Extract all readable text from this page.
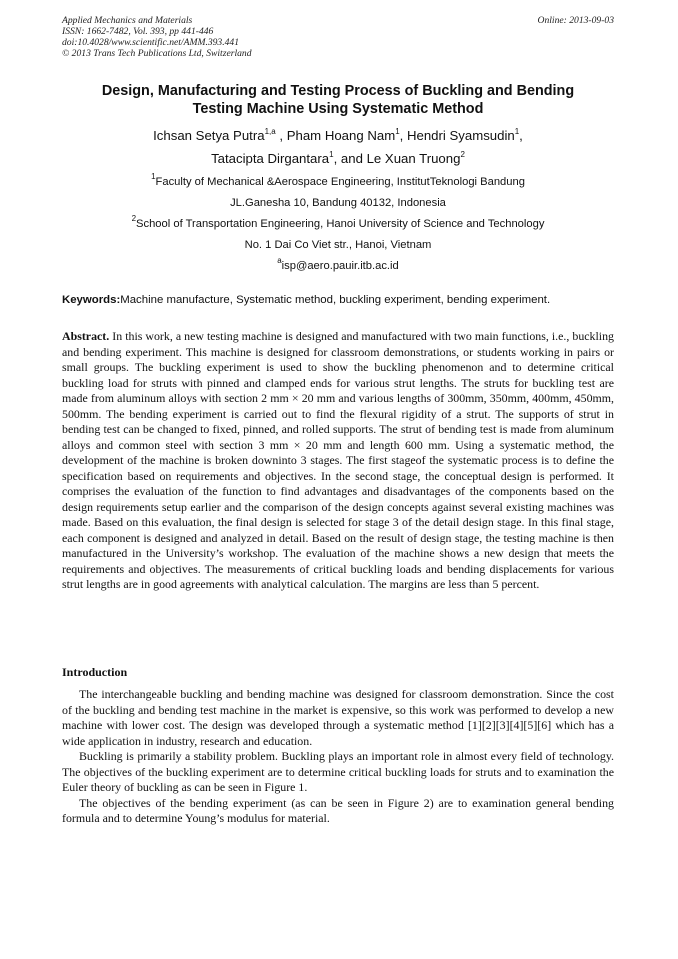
Applied Mechanics and Materials
ISSN: 1662-7482, Vol. 393, pp 441-446
doi:10.4028/www.scientific.net/AMM.393.441
© 2013 Trans Tech Publications Ltd, Switzerland
Online: 2013-09-03
Design, Manufacturing and Testing Process of Buckling and Bending
Testing Machine Using Systematic Method
Ichsan Setya Putra$^{1,a}$ , Pham Hoang Nam$^1$, Hendri Syamsudin$^1$,
Tatacipta Dirgantara$^1$, and Le Xuan Truong$^2$
$^1$Faculty of Mechanical &Aerospace Engineering, InstitutTeknologi Bandung
JL.Ganesha 10, Bandung 40132, Indonesia
$^2$School of Transportation Engineering, Hanoi University of Science and Technology
No. 1 Dai Co Viet str., Hanoi, Vietnam
$^a$isp@aero.pauir.itb.ac.id
Keywords:Machine manufacture, Systematic method, buckling experiment, bending experiment.
Abstract. In this work, a new testing machine is designed and manufactured with two main functions, i.e., buckling and bending experiment. This machine is designed for classroom demonstrations, or students working in pairs or small groups. The buckling experiment is used to show the buckling phenomenon and to determine critical buckling load for struts with pinned and clamped ends for various strut lengths. The struts for buckling test are made from aluminum alloys with section 2 mm × 20 mm and various lengths of 300mm, 350mm, 400mm, 450mm, 500mm. The bending experiment is carried out to find the flexural rigidity of a strut. The supports of strut in bending test can be changed to fixed, pinned, and rolled supports. The strut of bending test is made from aluminum alloys and common steel with section 3 mm × 20 mm and length 600 mm. Using a systematic method, the development of the machine is broken downinto 3 stages. The first stageof the systematic process is to define the specification based on requirements and objectives. In the second stage, the conceptual design is performed. It comprises the evaluation of the function to find advantages and disadvantages of the components based on the design requirements setup earlier and the comparison of the design concepts against several existing machines was made. Based on this evaluation, the final design is selected for stage 3 of the detail design stage. In this final stage, each component is designed and analyzed in detail. Based on the result of design stage, the testing machine is then manufactured in the University’s workshop. The evaluation of the machine shows a new design that meets the requirements and objectives. The measurements of critical buckling loads and bending displacements for various strut lengths are in good agreements with analytical calculation. The margins are less than 5 percent.
Introduction

The interchangeable buckling and bending machine was designed for classroom demonstration. Since the cost of the buckling and bending test machine in the market is expensive, so this work was performed to develop a new machine with lower cost. The design was developed through a systematic method [1][2][3][4][5][6] which has a wide application in industry, research and education.

Buckling is primarily a stability problem. Buckling plays an important role in almost every field of technology. The objectives of the buckling experiment are to determine critical buckling loads for struts and to examination the Euler theory of buckling as can be seen in Figure 1.

The objectives of the bending experiment (as can be seen in Figure 2) are to examination general bending formula and to determine Young’s modulus for material.
